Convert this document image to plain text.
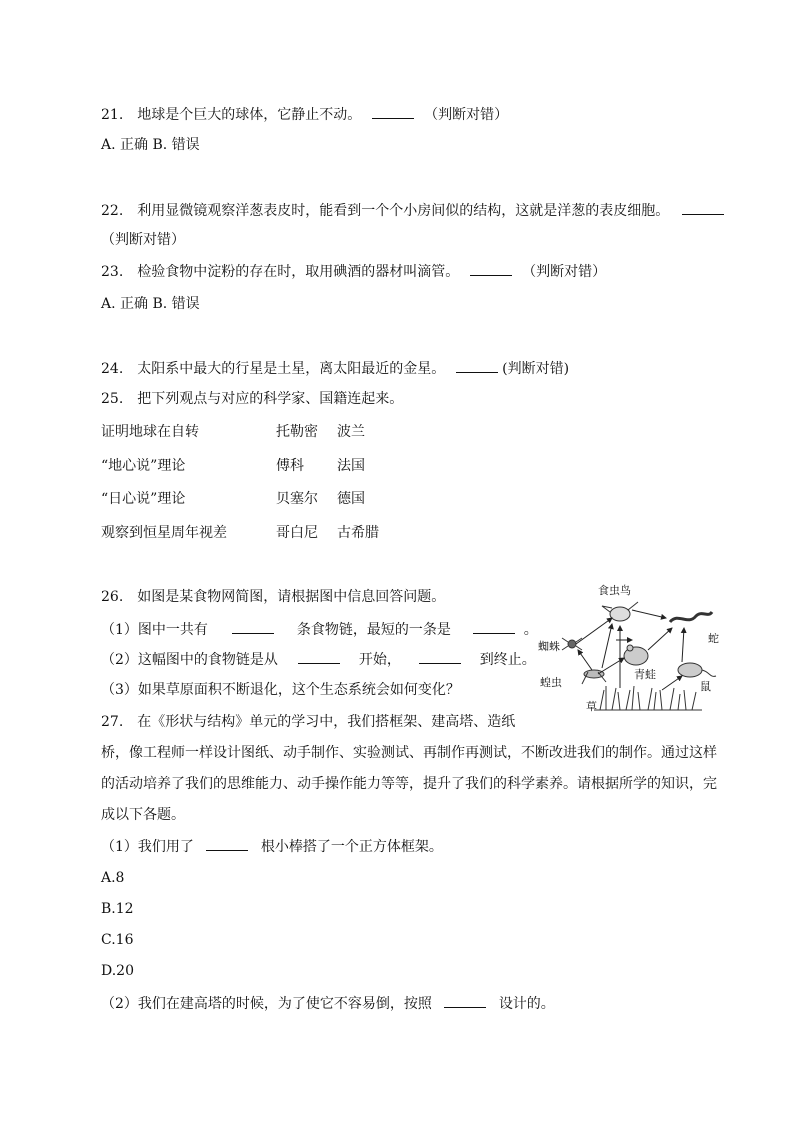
21.　地球是个巨大的球体，它静止不动。	（判断对错）
A. 正确 B. 错误
22.　利用显微镜观察洋葱表皮时，能看到一个个小房间似的结构，这就是洋葱的表皮细胞。
（判断对错）
23.　检验食物中淀粉的存在时，取用碘酒的器材叫滴管。	（判断对错）
A. 正确 B. 错误
24.　太阳系中最大的行星是土星，离太阳最近的金星。	(判断对错)
25.　把下列观点与对应的科学家、国籍连起来。
证明地球在自转	托勒密 波兰
“地心说”理论	傅科 法国
“日心说”理论	贝塞尔 德国
观察到恒星周年视差	哥白尼 古希腊
26.　如图是某食物网简图，请根据图中信息回答问题。
（1）图中一共有	条食物链，最短的一条是	。
（2）这幅图中的食物链是从	开始，	到终止。
（3）如果草原面积不断退化，这个生态系统会如何变化？
食虫鸟
蛇
蜘蛛
青蛙
蝗虫	鼠
草
27.　在《形状与结构》单元的学习中，我们搭框架、建高塔、造纸
桥，像工程师一样设计图纸、动手制作、实验测试、再制作再测试，不断改进我们的制作。通过这样
的活动培养了我们的思维能力、动手操作能力等等，提升了我们的科学素养。请根据所学的知识，完
成以下各题。
（1）我们用了	根小棒搭了一个正方体框架。
A.8
B.12
C.16
D.20
（2）我们在建高塔的时候，为了使它不容易倒，按照	设计的。
